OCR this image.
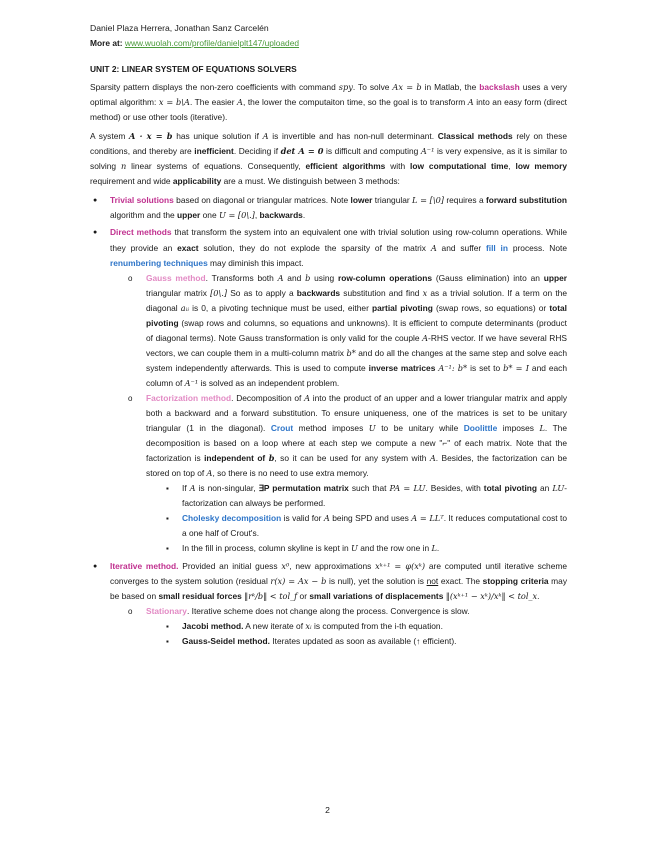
Daniel Plaza Herrera, Jonathan Sanz Carcelén
More at: www.wuolah.com/profile/danielplt147/uploaded
UNIT 2: LINEAR SYSTEM OF EQUATIONS SOLVERS

Sparsity pattern displays the non-zero coefficients with command spy. To solve Ax = b in Matlab, the backslash uses a very optimal algorithm: x = b\A. The easier A, the lower the computaiton time, so the goal is to transform A into an easy form (direct method) or use other tools (iterative).

A system A · x = b has unique solution if A is invertible and has non-null determinant. Classical methods rely on these conditions, and thereby are inefficient. Deciding if det A = 0 is difficult and computing A⁻¹ is very expensive, as it is similar to solving n linear systems of equations. Consequently, efficient algorithms with low computational time, low memory requirement and wide applicability are a must. We distinguish between 3 methods:

● Trivial solutions based on diagonal or triangular matrices. Note lower triangular L = [\0] requires a forward substitution algorithm and the upper one U = [0\.], backwards.
● Direct methods that transform the system into an equivalent one with trivial solution using row-column operations. While they provide an exact solution, they do not explode the sparsity of the matrix A and suffer fill in process. Note renumbering techniques may diminish this impact.
o Gauss method. Transforms both A and b using row-column operations (Gauss elimination) into an upper triangular matrix [0\.] So as to apply a backwards substitution and find x as a trivial solution. If a term on the diagonal aᵢᵢ is 0, a pivoting technique must be used, either partial pivoting (swap rows, so equations) or total pivoting (swap rows and columns, so equations and unknowns). It is efficient to compute determinants (product of diagonal terms). Note Gauss transformation is only valid for the couple A-RHS vector. If we have several RHS vectors, we can couple them in a multi-column matrix b* and do all the changes at the same step and solve each system independently afterwards. This is used to compute inverse matrices A⁻¹: b* is set to b* = I and each column of A⁻¹ is solved as an independent problem.
o Factorization method. Decomposition of A into the product of an upper and a lower triangular matrix and apply both a backward and a forward substitution. To ensure uniqueness, one of the matrices is set to be unitary triangular (1 in the diagonal). Crout method imposes U to be unitary while Doolittle imposes L. The decomposition is based on a loop where at each step we compute a new "⌐" of each matrix. Note that the factorization is independent of b, so it can be used for any system with A. Besides, the factorization can be stored on top of A, so there is no need to use extra memory.
▪ If A is non-singular, ∃P permutation matrix such that PA = LU. Besides, with total pivoting an LU-factorization can always be performed.
▪ Cholesky decomposition is valid for A being SPD and uses A = LLᵀ. It reduces computational cost to a one half of Crout's.
▪ In the fill in process, column skyline is kept in U and the row one in L.
● Iterative method. Provided an initial guess x⁰, new approximations xᵏ⁺¹ = φ(xᵏ) are computed until iterative scheme converges to the system solution (residual r(x) = Ax − b is null), yet the solution is not exact. The stopping criteria may be based on small residual forces ‖rᵏ/b‖ < tol_f or small variations of displacements ‖(xᵏ⁺¹ − xᵏ)/xᵏ‖ < tol_x.
o Stationary. Iterative scheme does not change along the process. Convergence is slow.
▪ Jacobi method. A new iterate of xᵢ is computed from the i-th equation.
▪ Gauss-Seidel method. Iterates updated as soon as available (↑ efficient).
2
